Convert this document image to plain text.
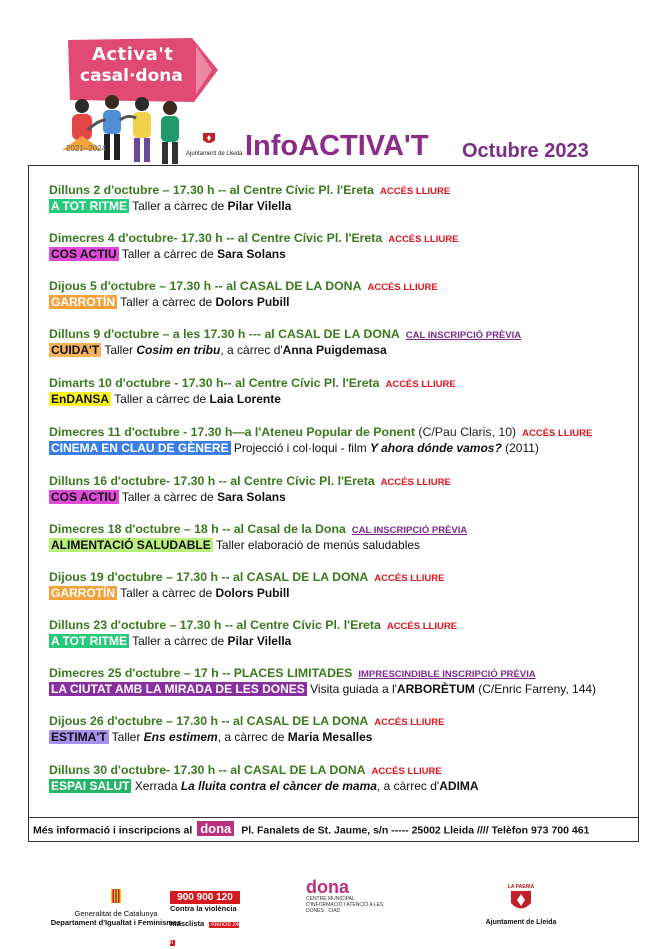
Activa't
casal·dona
2021–2024
Ajuntament de Lleida InfoACTIVA'T Octubre 2023
Dilluns 2 d'octubre – 17.30 h -- al Centre Cívic Pl. l'Ereta ACCÉS LLIURE
A TOT RITME Taller a càrrec de Pilar Vilella
Dimecres 4 d'octubre- 17.30 h -- al Centre Cívic Pl. l'Ereta ACCÉS LLIURE
COS ACTIU Taller a càrrec de Sara Solans
Dijous 5 d'octubre – 17.30 h -- al CASAL DE LA DONA ACCÉS LLIURE
GARROTÍN Taller a càrrec de Dolors Pubill
Dilluns 9 d'octubre – a les 17.30 h --- al CASAL DE LA DONA CAL INSCRIPCIÓ PRÈVIA
CUIDA'T Taller Cosim en tribu, a càrrec d'Anna Puigdemasa
Dimarts 10 d'octubre - 17.30 h-- al Centre Cívic Pl. l'Ereta ACCÉS LLIURE
EnDANSA Taller a càrrec de Laia Lorente
Dimecres 11 d'octubre - 17.30 h—a l'Ateneu Popular de Ponent (C/Pau Claris, 10) ACCÉS LLIURE
CINEMA EN CLAU DE GÈNERE Projecció i col·loqui - film Y ahora dónde vamos? (2011)
Dilluns 16 d'octubre- 17.30 h -- al Centre Cívic Pl. l'Ereta ACCÉS LLIURE
COS ACTIU Taller a càrrec de Sara Solans
Dimecres 18 d'octubre – 18 h -- al Casal de la Dona CAL INSCRIPCIÓ PRÈVIA
ALIMENTACIÓ SALUDABLE Taller elaboració de menús saludables
Dijous 19 d'octubre – 17.30 h -- al CASAL DE LA DONA ACCÉS LLIURE
GARROTÍN Taller a càrrec de Dolors Pubill
Dilluns 23 d'octubre – 17.30 h -- al Centre Cívic Pl. l'Ereta ACCÉS LLIURE
A TOT RITME Taller a càrrec de Pilar Vilella
Dimecres 25 d'octubre – 17 h -- PLACES LIMITADES IMPRESCINDIBLE INSCRIPCIÓ PRÈVIA
LA CIUTAT AMB LA MIRADA DE LES DONES Visita guiada a l'ARBORÈTUM (C/Enric Farreny, 144)
Dijous 26 d'octubre – 17.30 h -- al CASAL DE LA DONA ACCÉS LLIURE
ESTIMA'T Taller Ens estimem, a càrrec de Maria Mesalles
Dilluns 30 d'octubre- 17.30 h -- al CASAL DE LA DONA ACCÉS LLIURE
ESPAI SALUT Xerrada La lluita contra el càncer de mama, a càrrec d'ADIMA
Més informació i inscripcions al dona Pl. Fanalets de St. Jaume, s/n ----- 25002 Lleida //// Telèfon 973 700 461
Generalitat de Catalunya
Departament d'Igualtat i Feminismes
900 900 120
Contra la violència
masclista Atenció 24 h
dona
CENTRE MUNICIPAL D'INFORMACIÓ I ATENCIÓ A LES DONES · CIAD
LA PAERIA
Ajuntament de Lleida
